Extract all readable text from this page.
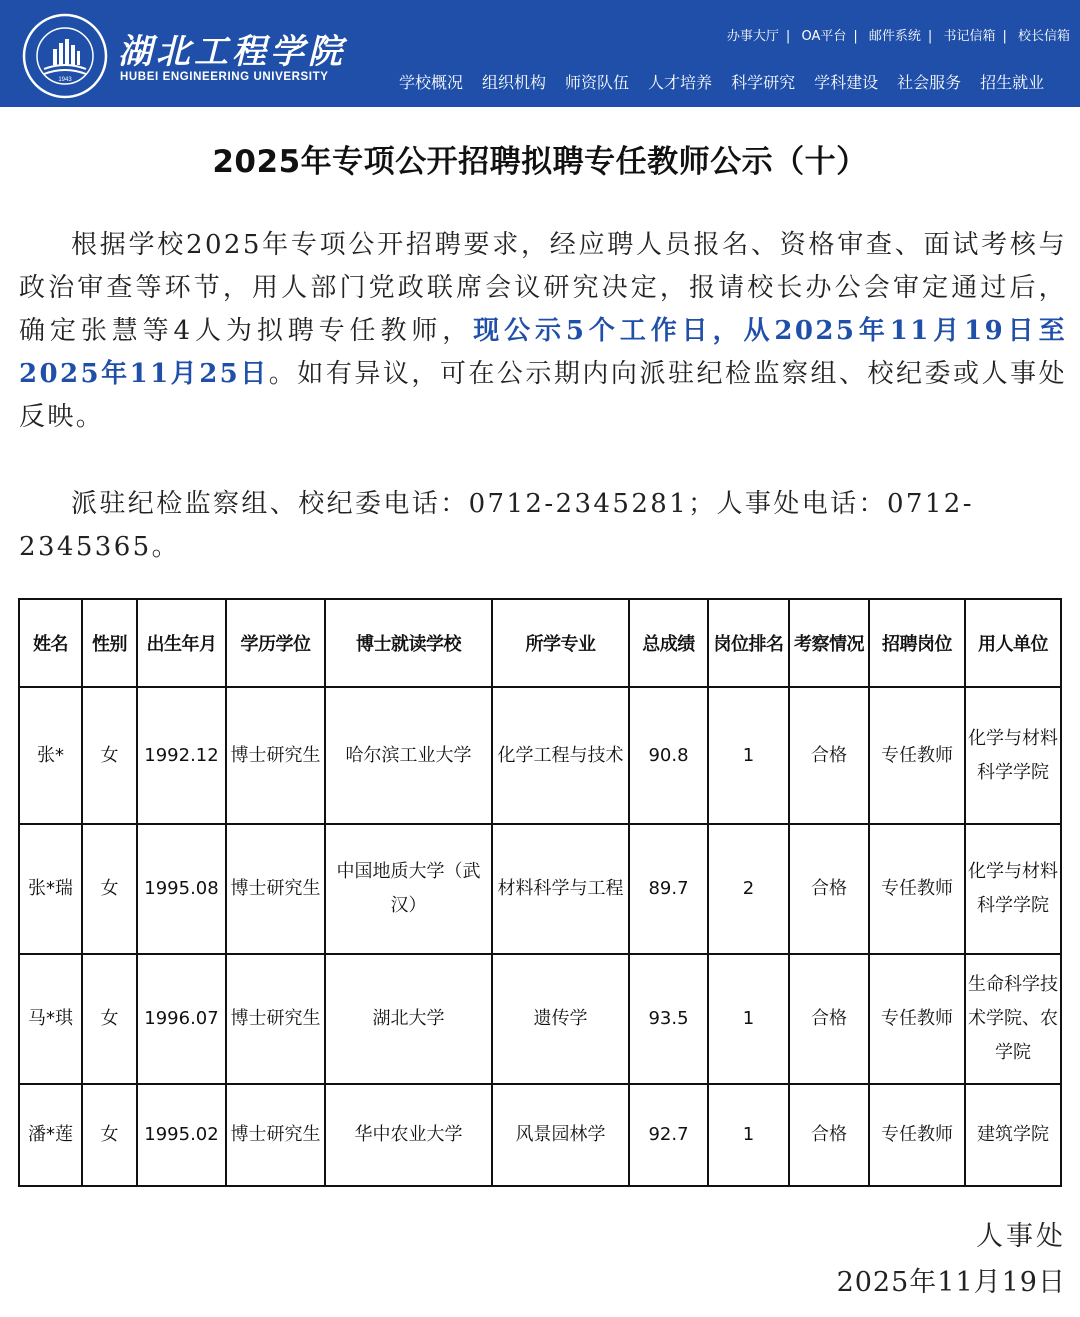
1943
湖北工程学院
HUBEI ENGINEERING UNIVERSITY
办事大厅 | OA平台 | 邮件系统 | 书记信箱 | 校长信箱
学校概况 组织机构 师资队伍 人才培养 科学研究 学科建设 社会服务 招生就业
2025年专项公开招聘拟聘专任教师公示（十）
根据学校2025年专项公开招聘要求，经应聘人员报名、资格审查、面试考核与政治审查等环节，用人部门党政联席会议研究决定，报请校长办公会审定通过后，确定张慧等4人为拟聘专任教师，现公示5个工作日，从2025年11月19日至2025年11月25日。如有异议，可在公示期内向派驻纪检监察组、校纪委或人事处反映。
派驻纪检监察组、校纪委电话：0712-2345281；人事处电话：0712-2345365。
姓名	性别	出生年月	学历学位	博士就读学校	所学专业	总成绩	岗位排名	考察情况	招聘岗位	用人单位
张*	女	1992.12	博士研究生	哈尔滨工业大学	化学工程与技术	90.8	1	合格	专任教师	化学与材料科学学院
张*瑞	女	1995.08	博士研究生	中国地质大学（武汉）	材料科学与工程	89.7	2	合格	专任教师	化学与材料科学学院
马*琪	女	1996.07	博士研究生	湖北大学	遗传学	93.5	1	合格	专任教师	生命科学技术学院、农学院
潘*莲	女	1995.02	博士研究生	华中农业大学	风景园林学	92.7	1	合格	专任教师	建筑学院
人事处
2025年11月19日
